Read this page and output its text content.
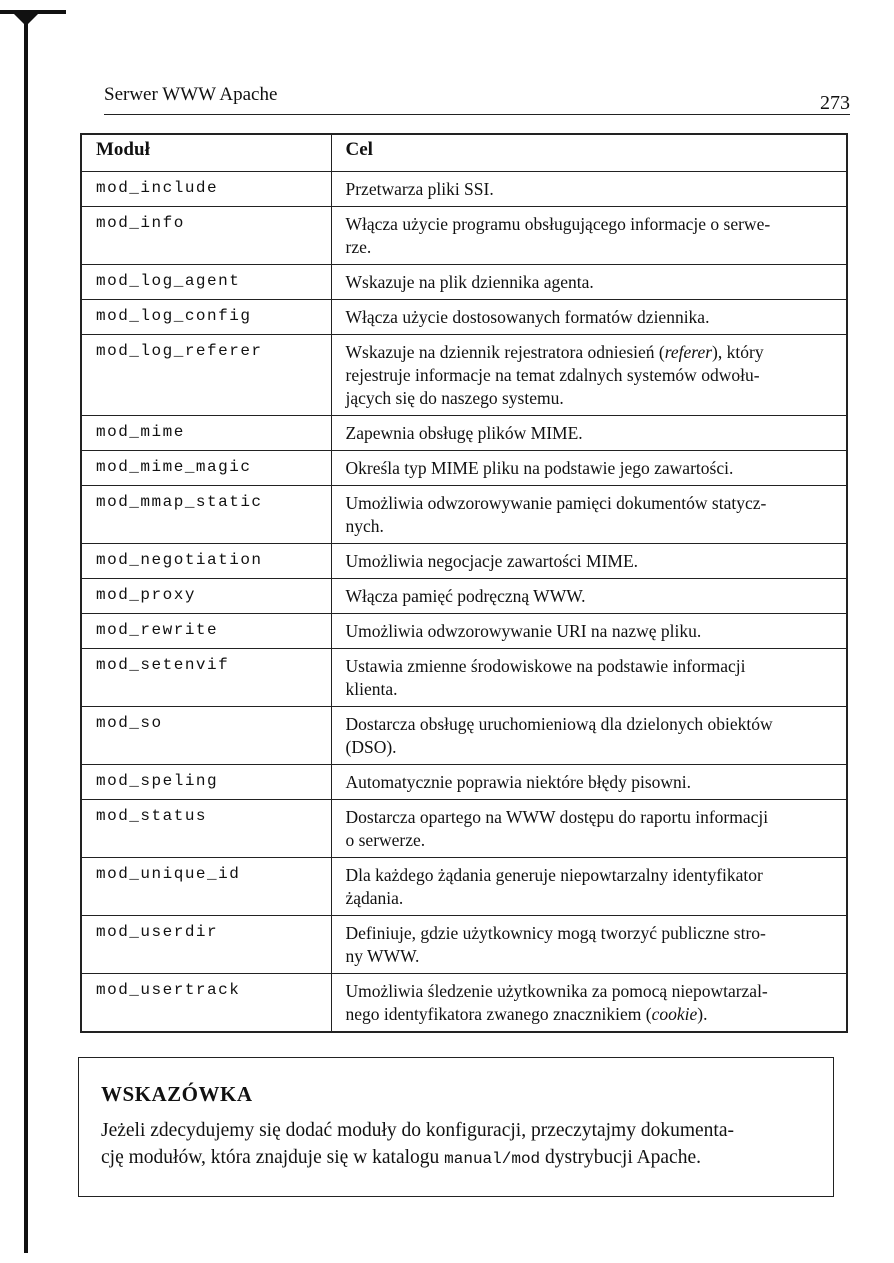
Serwer WWW Apache	273
Moduł	Cel
mod_include	Przetwarza pliki SSI.
mod_info	Włącza użycie programu obsługującego informacje o serwe-
rze.
mod_log_agent	Wskazuje na plik dziennika agenta.
mod_log_config	Włącza użycie dostosowanych formatów dziennika.
mod_log_referer	Wskazuje na dziennik rejestratora odniesień (referer), który
rejestruje informacje na temat zdalnych systemów odwołu-
jących się do naszego systemu.
mod_mime	Zapewnia obsługę plików MIME.
mod_mime_magic	Określa typ MIME pliku na podstawie jego zawartości.
mod_mmap_static	Umożliwia odwzorowywanie pamięci dokumentów statycz-
nych.
mod_negotiation	Umożliwia negocjacje zawartości MIME.
mod_proxy	Włącza pamięć podręczną WWW.
mod_rewrite	Umożliwia odwzorowywanie URI na nazwę pliku.
mod_setenvif	Ustawia zmienne środowiskowe na podstawie informacji
klienta.
mod_so	Dostarcza obsługę uruchomieniową dla dzielonych obiektów
(DSO).
mod_speling	Automatycznie poprawia niektóre błędy pisowni.
mod_status	Dostarcza opartego na WWW dostępu do raportu informacji
o serwerze.
mod_unique_id	Dla każdego żądania generuje niepowtarzalny identyfikator
żądania.
mod_userdir	Definiuje, gdzie użytkownicy mogą tworzyć publiczne stro-
ny WWW.
mod_usertrack	Umożliwia śledzenie użytkownika za pomocą niepowtarzal-
nego identyfikatora zwanego znacznikiem (cookie).
WSKAZÓWKA
Jeżeli zdecydujemy się dodać moduły do konfiguracji, przeczytajmy dokumenta-
cję modułów, która znajduje się w katalogu manual/mod dystrybucji Apache.
